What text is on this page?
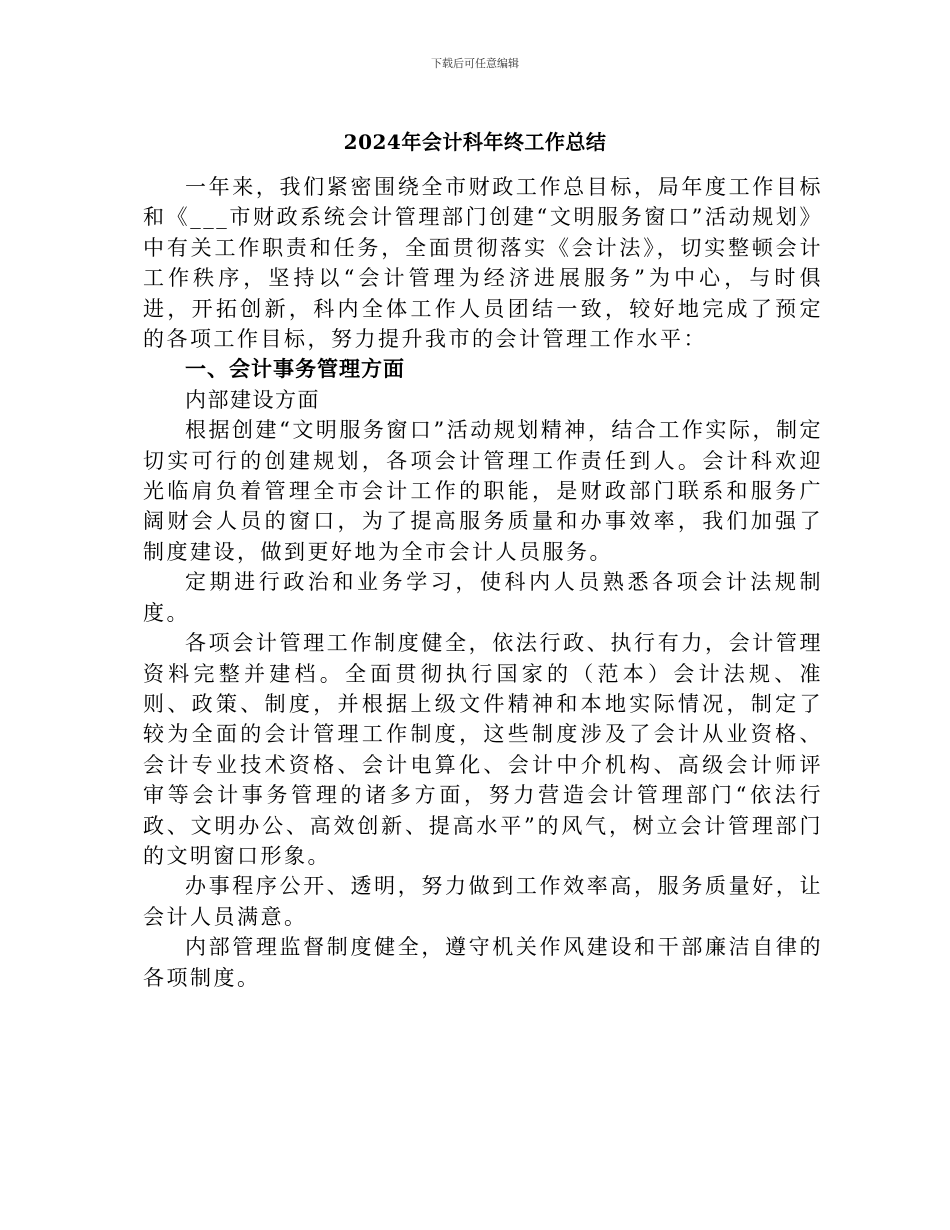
下载后可任意编辑
2024年会计科年终工作总结

一年来，我们紧密围绕全市财政工作总目标，局年度工作目标和《___市财政系统会计管理部门创建“文明服务窗口”活动规划》中有关工作职责和任务，全面贯彻落实《会计法》，切实整顿会计工作秩序，坚持以“会计管理为经济进展服务”为中心，与时俱进，开拓创新，科内全体工作人员团结一致，较好地完成了预定的各项工作目标，努力提升我市的会计管理工作水平：

一、会计事务管理方面

内部建设方面

根据创建“文明服务窗口”活动规划精神，结合工作实际，制定切实可行的创建规划，各项会计管理工作责任到人。会计科欢迎光临肩负着管理全市会计工作的职能，是财政部门联系和服务广阔财会人员的窗口，为了提高服务质量和办事效率，我们加强了制度建设，做到更好地为全市会计人员服务。

定期进行政治和业务学习，使科内人员熟悉各项会计法规制度。

各项会计管理工作制度健全，依法行政、执行有力，会计管理资料完整并建档。全面贯彻执行国家的（范本）会计法规、准则、政策、制度，并根据上级文件精神和本地实际情况，制定了较为全面的会计管理工作制度，这些制度涉及了会计从业资格、会计专业技术资格、会计电算化、会计中介机构、高级会计师评审等会计事务管理的诸多方面，努力营造会计管理部门“依法行政、文明办公、高效创新、提高水平”的风气，树立会计管理部门的文明窗口形象。

办事程序公开、透明，努力做到工作效率高，服务质量好，让会计人员满意。

内部管理监督制度健全，遵守机关作风建设和干部廉洁自律的各项制度。
